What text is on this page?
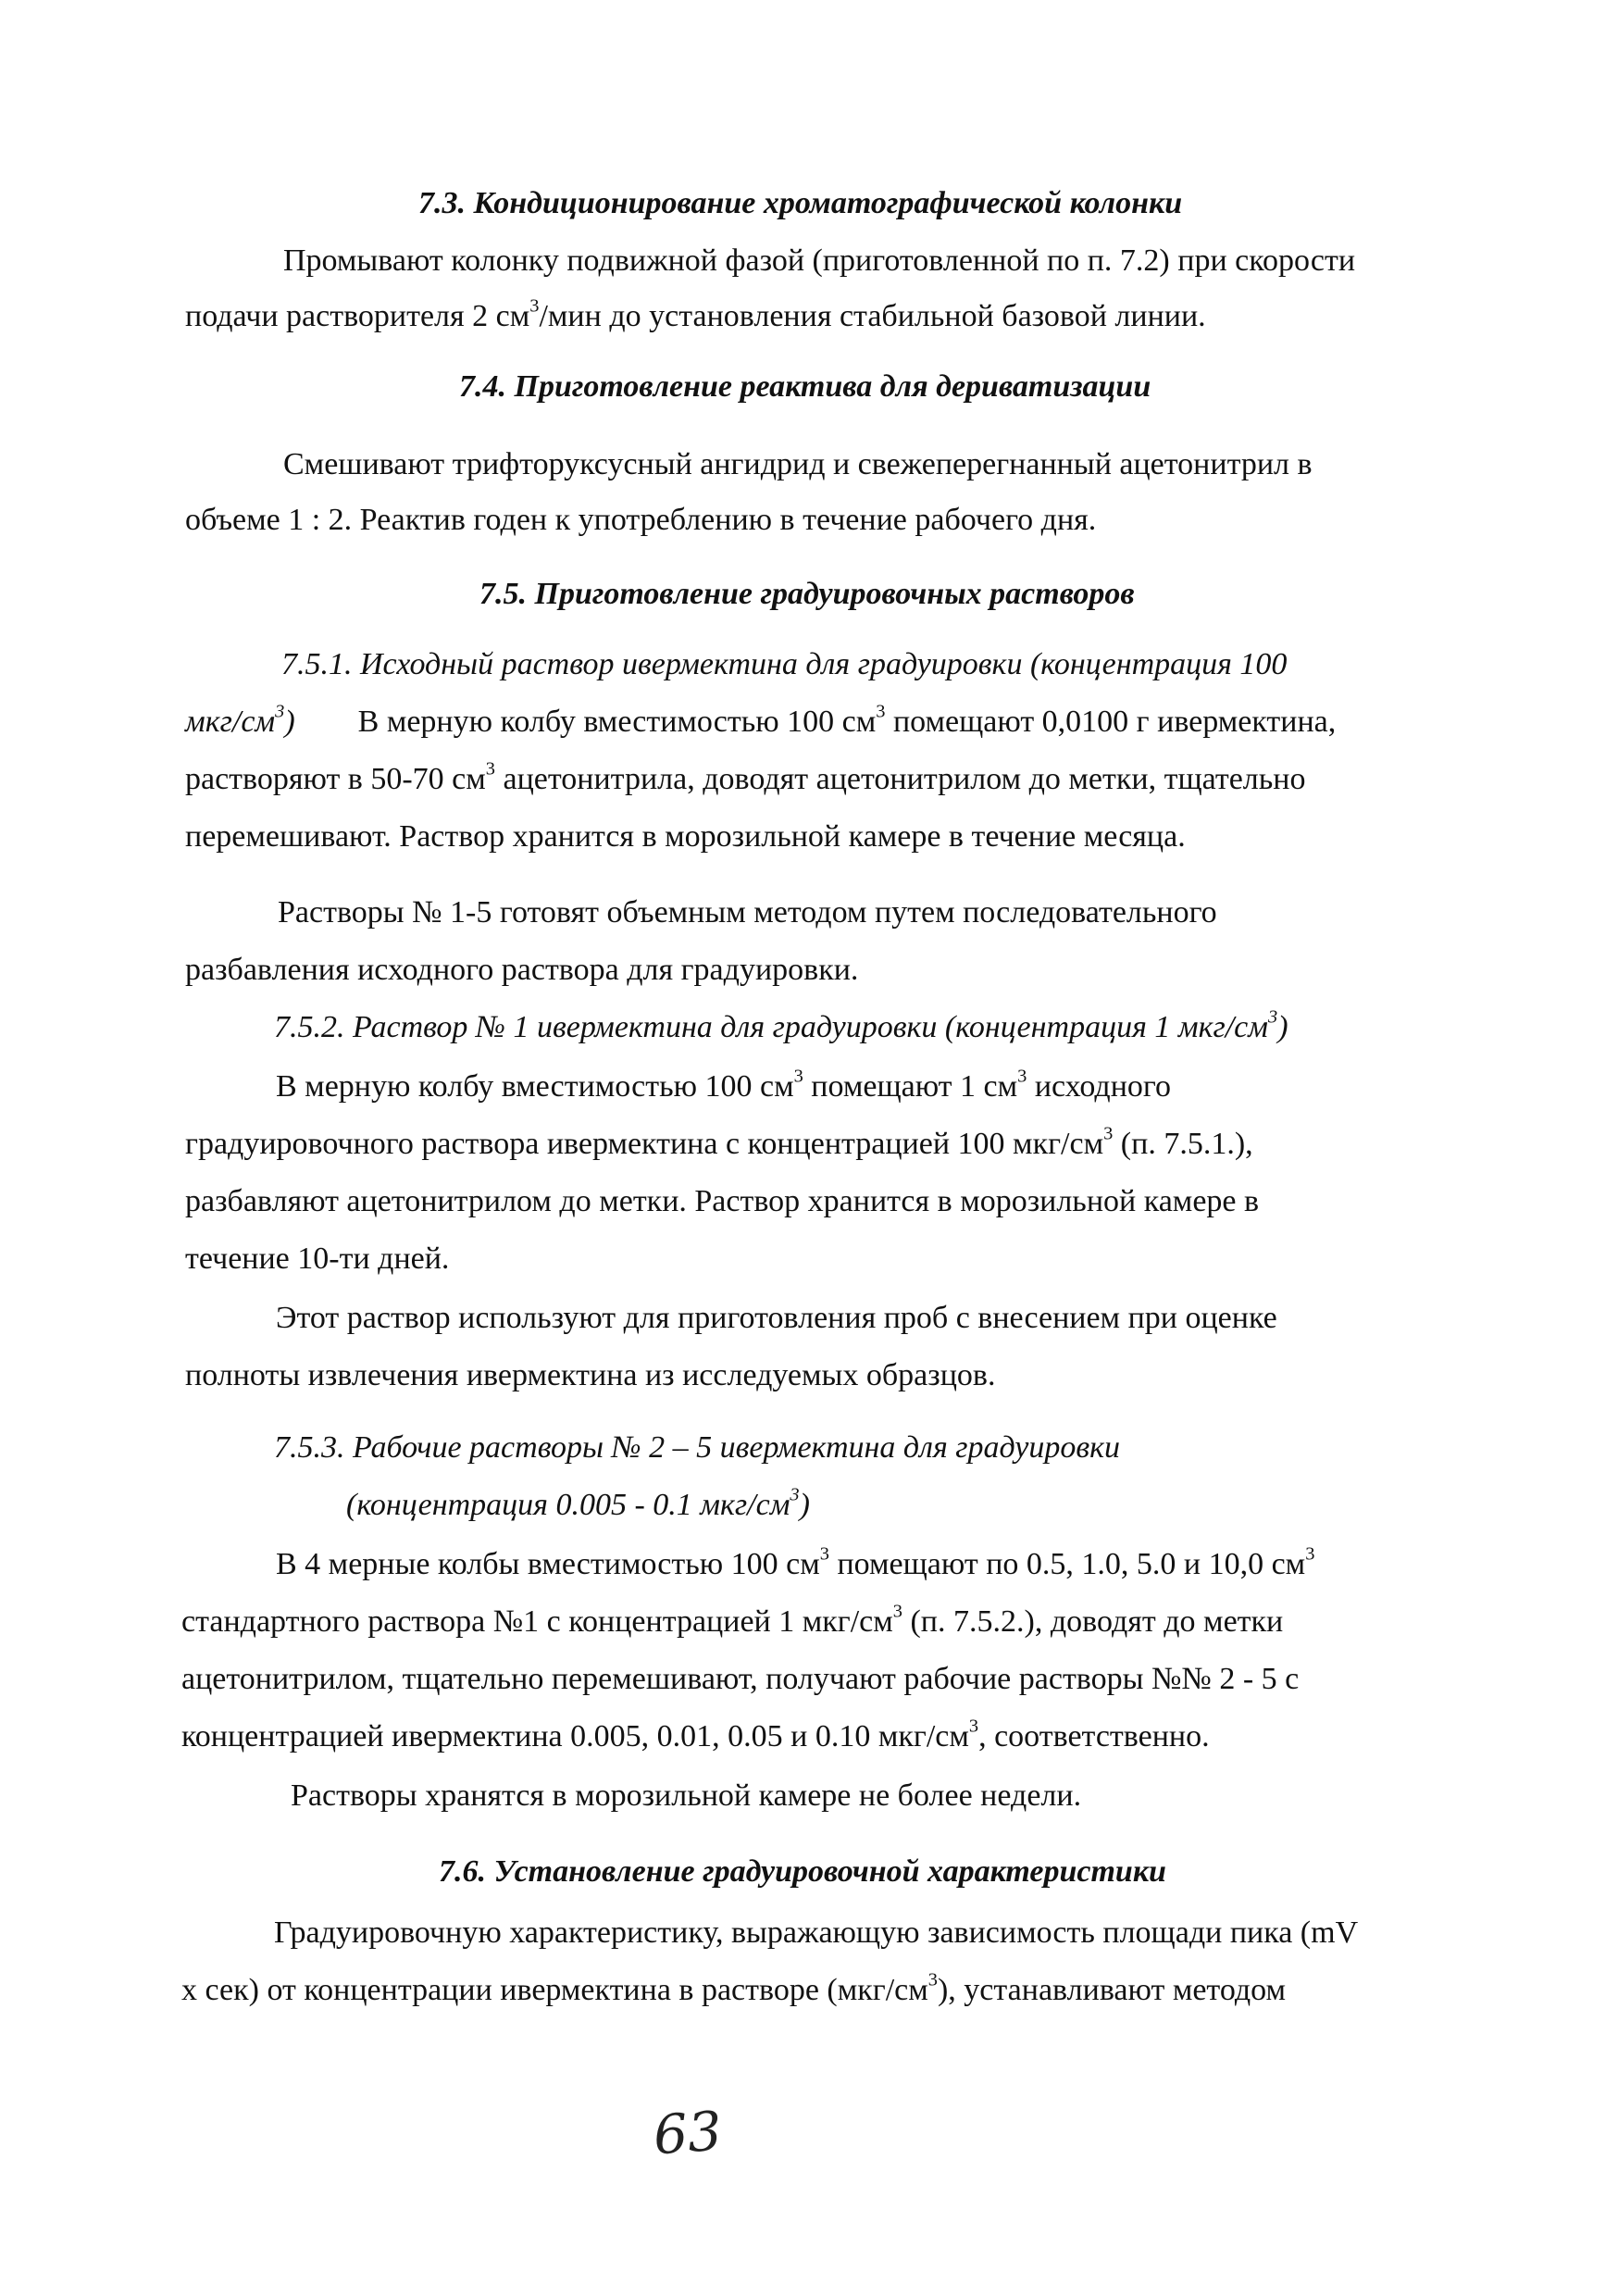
7.3. Кондиционирование хроматографической колонки
Промывают колонку подвижной фазой (приготовленной по п. 7.2) при скорости
подачи растворителя 2 $см^3$/мин до установления стабильной базовой линии.
7.4. Приготовление реактива для дериватизации
Смешивают трифторуксусный ангидрид и свежеперегнанный ацетонитрил в
объеме 1 : 2. Реактив годен к употреблению в течение рабочего дня.
7.5. Приготовление градуировочных растворов
7.5.1. Исходный раствор ивермектина для градуировки (концентрация 100
мкг/$см^3$) В мерную колбу вместимостью 100 $см^3$ помещают 0,0100 г ивермектина,
растворяют в 50-70 $см^3$ ацетонитрила, доводят ацетонитрилом до метки, тщательно
перемешивают. Раствор хранится в морозильной камере в течение месяца.
Растворы № 1-5 готовят объемным методом путем последовательного
разбавления исходного раствора для градуировки.
7.5.2. Раствор № 1 ивермектина для градуировки (концентрация 1 мкг/$см^3$)
В мерную колбу вместимостью 100 $см^3$ помещают 1 $см^3$ исходного
градуировочного раствора ивермектина с концентрацией 100 мкг/$см^3$ (п. 7.5.1.),
разбавляют ацетонитрилом до метки. Раствор хранится в морозильной камере в
течение 10-ти дней.
Этот раствор используют для приготовления проб с внесением при оценке
полноты извлечения ивермектина из исследуемых образцов.
7.5.3. Рабочие растворы № 2 – 5 ивермектина для градуировки
(концентрация 0.005 - 0.1 мкг/$см^3$)
В 4 мерные колбы вместимостью 100 $см^3$ помещают по 0.5, 1.0, 5.0 и 10,0 $см^3$
стандартного раствора №1 с концентрацией 1 мкг/$см^3$ (п. 7.5.2.), доводят до метки
ацетонитрилом, тщательно перемешивают, получают рабочие растворы №№ 2 - 5 с
концентрацией ивермектина 0.005, 0.01, 0.05 и 0.10 мкг/$см^3$, соответственно.
Растворы хранятся в морозильной камере не более недели.
7.6. Установление градуировочной характеристики
Градуировочную характеристику, выражающую зависимость площади пика (mV
х сек) от концентрации ивермектина в растворе $(мкг/см^3)$, устанавливают методом
63
